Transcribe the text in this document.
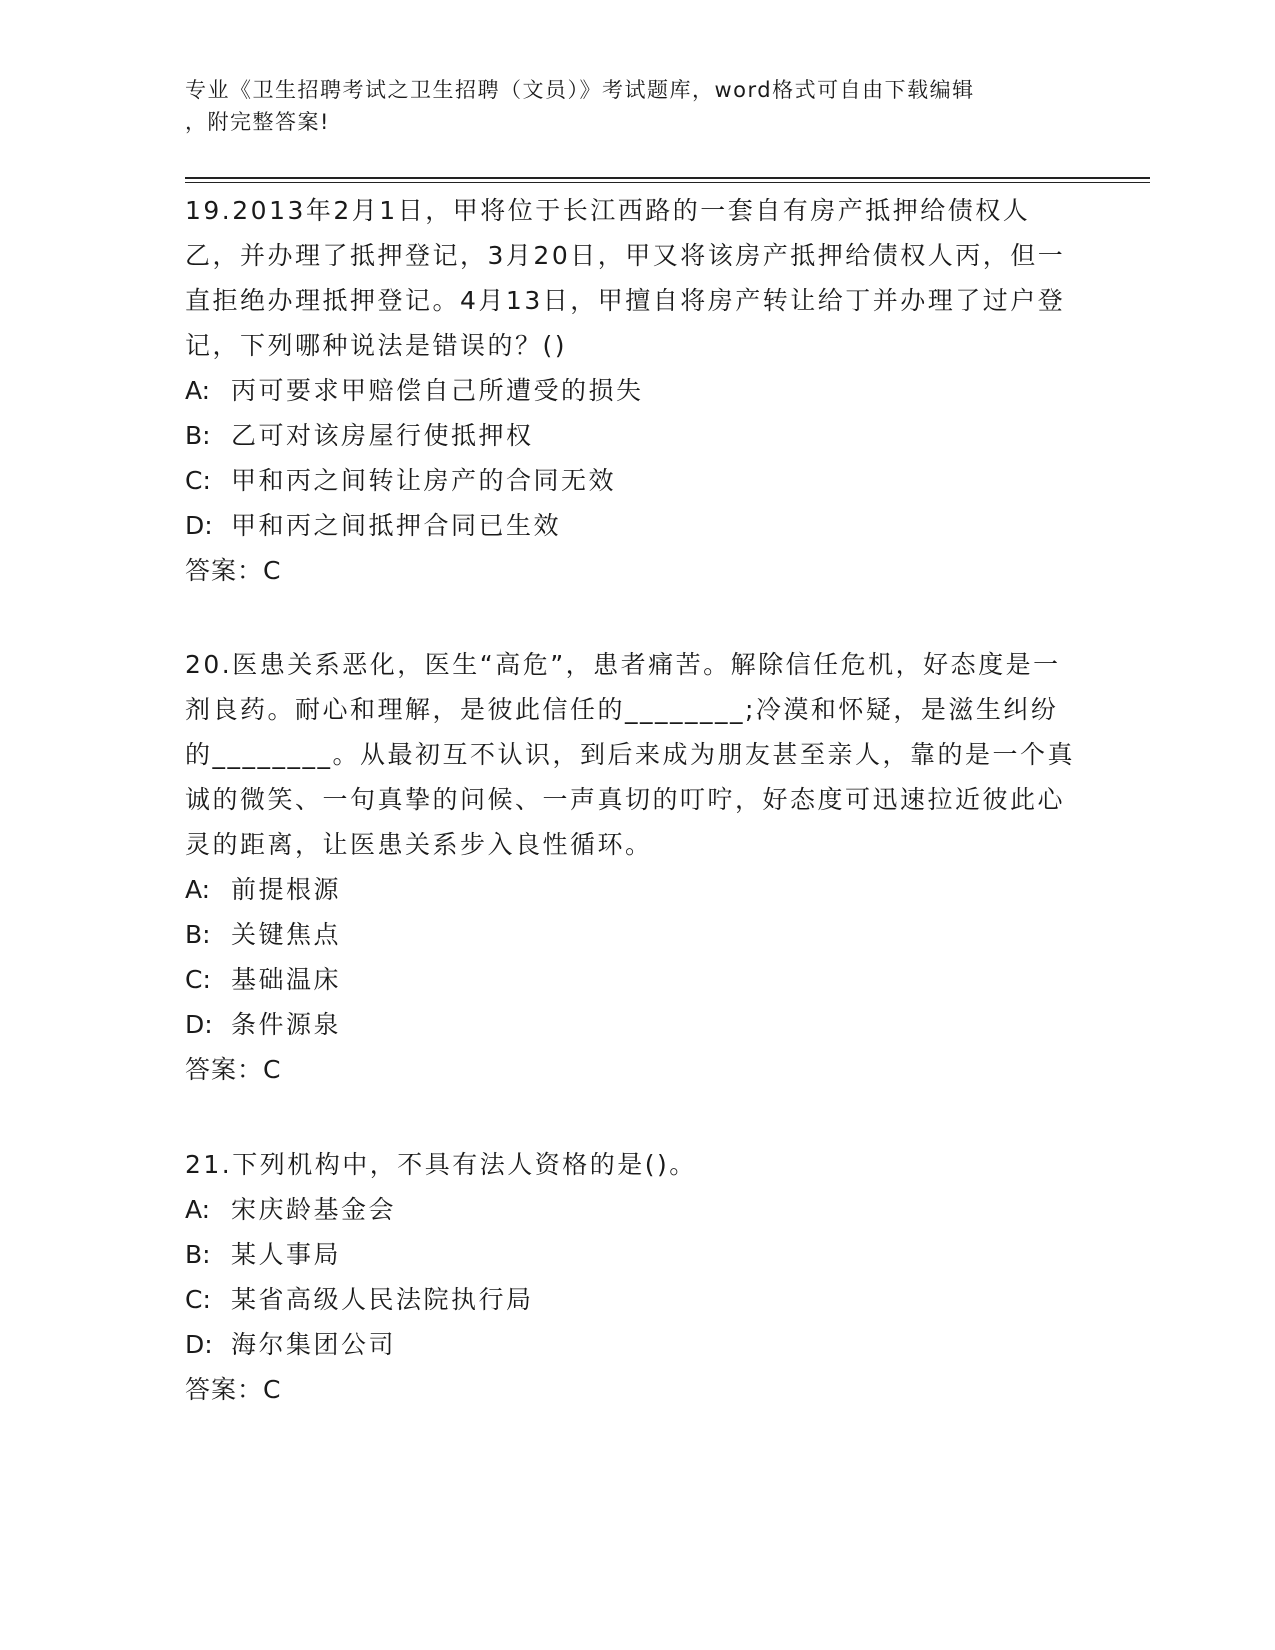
专业《卫生招聘考试之卫生招聘（文员）》考试题库，word格式可自由下载编辑
，附完整答案!

19.2013年2月1日，甲将位于长江西路的一套自有房产抵押给债权人乙，并办理了抵押登记，3月20日，甲又将该房产抵押给债权人丙，但一直拒绝办理抵押登记。4月13日，甲擅自将房产转让给丁并办理了过户登记，下列哪种说法是错误的？()

A: 丙可要求甲赔偿自己所遭受的损失
B: 乙可对该房屋行使抵押权
C: 甲和丙之间转让房产的合同无效
D: 甲和丙之间抵押合同已生效
答案：C

20.医患关系恶化，医生“高危”，患者痛苦。解除信任危机，好态度是一剂良药。耐心和理解，是彼此信任的________;冷漠和怀疑，是滋生纠纷的________。从最初互不认识，到后来成为朋友甚至亲人，靠的是一个真诚的微笑、一句真挚的问候、一声真切的叮咛，好态度可迅速拉近彼此心灵的距离，让医患关系步入良性循环。

A: 前提根源
B: 关键焦点
C: 基础温床
D: 条件源泉
答案：C

21.下列机构中，不具有法人资格的是()。

A: 宋庆龄基金会
B: 某人事局
C: 某省高级人民法院执行局
D: 海尔集团公司
答案：C
